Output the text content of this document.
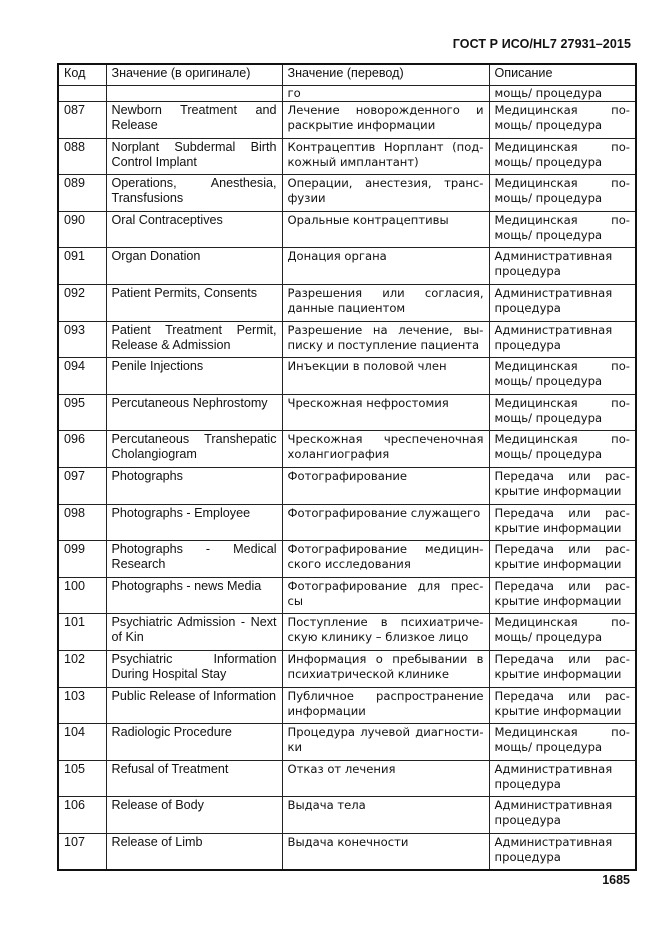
ГОСТ Р ИСО/HL7 27931–2015
Код	Значение (в оригинале)	Значение (перевод)	Описание
		го	мощь/ процедура
087	Newborn Treatment and Release	Лечение новорожденного и раскрытие информации	Медицинская по-мощь/ процедура
088	Norplant Subdermal Birth Control Implant	Контрацептив Норплант (под-кожный имплантант)	Медицинская по-мощь/ процедура
089	Operations, Anesthesia, Transfusions	Операции, анестезия, транс-фузии	Медицинская по-мощь/ процедура
090	Oral Contraceptives	Оральные контрацептивы	Медицинская по-мощь/ процедура
091	Organ Donation	Донация органа	Административная процедура
092	Patient Permits, Consents	Разрешения или согласия, данные пациентом	Административная процедура
093	Patient Treatment Permit, Release & Admission	Разрешение на лечение, вы-писку и поступление пациента	Административная процедура
094	Penile Injections	Инъекции в половой член	Медицинская по-мощь/ процедура
095	Percutaneous Nephrostomy	Чрескожная нефростомия	Медицинская по-мощь/ процедура
096	Percutaneous Transhepatic Cholangiogram	Чрескожная чреспеченочная холангиография	Медицинская по-мощь/ процедура
097	Photographs	Фотографирование	Передача или рас-крытие информации
098	Photographs - Employee	Фотографирование служащего	Передача или рас-крытие информации
099	Photographs - Medical Research	Фотографирование медицин-ского исследования	Передача или рас-крытие информации
100	Photographs - news Media	Фотографирование для прес-сы	Передача или рас-крытие информации
101	Psychiatric Admission - Next of Kin	Поступление в психиатриче-скую клинику – близкое лицо	Медицинская по-мощь/ процедура
102	Psychiatric Information During Hospital Stay	Информация о пребывании в психиатрической клинике	Передача или рас-крытие информации
103	Public Release of Information	Публичное распространение информации	Передача или рас-крытие информации
104	Radiologic Procedure	Процедура лучевой диагности-ки	Медицинская по-мощь/ процедура
105	Refusal of Treatment	Отказ от лечения	Административная процедура
106	Release of Body	Выдача тела	Административная процедура
107	Release of Limb	Выдача конечности	Административная процедура
1685
